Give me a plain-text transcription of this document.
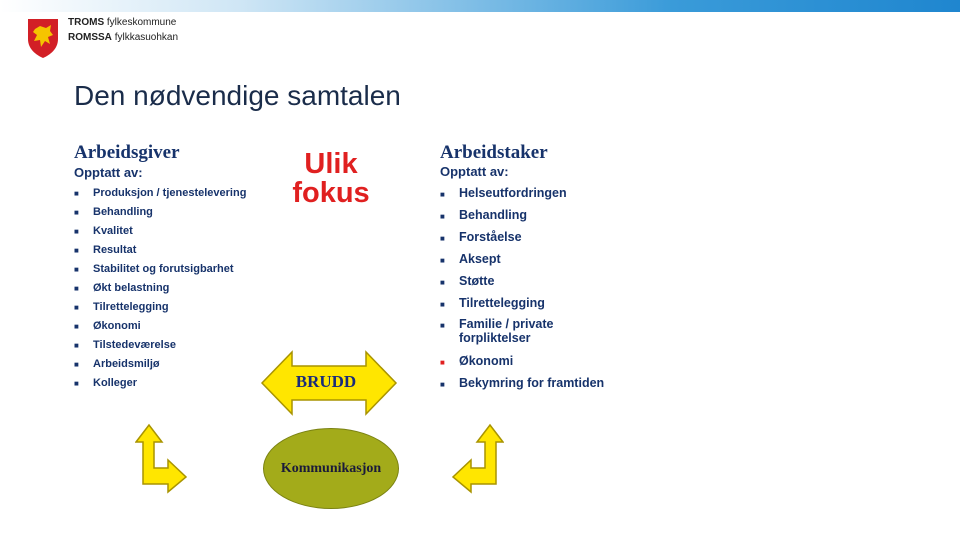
TROMS fylkeskommune
ROMSSA fylkkasuohkan
Den nødvendige samtalen
Arbeidsgiver
Opptatt av:
■ Produksjon / tjenestelevering
■ Behandling
■ Kvalitet
■ Resultat
■ Stabilitet og forutsigbarhet
■ Økt belastning
■ Tilrettelegging
■ Økonomi
■ Tilstedeværelse
■ Arbeidsmiljø
■ Kolleger
Arbeidstaker
Opptatt av:
■ Helseutfordringen
■ Behandling
■ Forståelse
■ Aksept
■ Støtte
■ Tilrettelegging
■ Familie / private forpliktelser
■ Økonomi
■ Bekymring for framtiden
Ulik
fokus
BRUDD
Kommunikasjon
